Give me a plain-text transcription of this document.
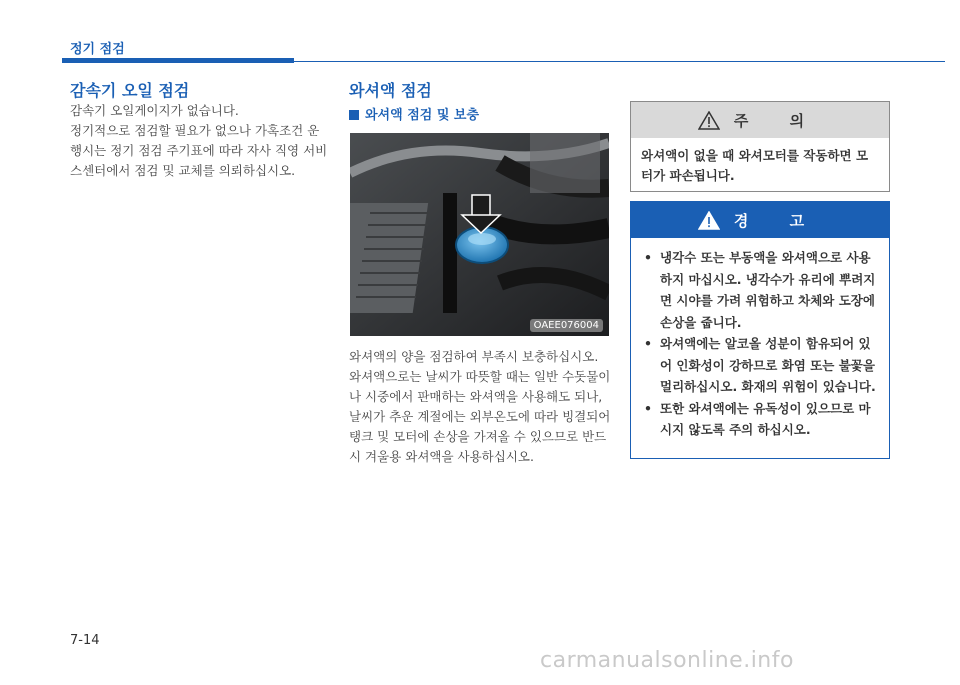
정기 점검
감속기 오일 점검

감속기 오일게이지가 없습니다.

정기적으로 점검할 필요가 없으나 가혹조건 운행시는 정기 점검 주기표에 따라 자사 직영 서비스센터에서 점검 및 교체를 의뢰하십시오.

와셔액 점검
와셔액 점검 및 보충
OAEE076004
와셔액의 양을 점검하여 부족시 보충하십시오. 와셔액으로는 날씨가 따뜻할 때는 일반 수돗물이나 시중에서 판매하는 와셔액을 사용해도 되나, 날씨가 추운 계절에는 외부온도에 따라 빙결되어 탱크 및 모터에 손상을 가져올 수 있으므로 반드시 겨울용 와셔액을 사용하십시오.
주 의
와셔액이 없을 때 와셔모터를 작동하면 모터가 파손됩니다.
경 고
• 냉각수 또는 부동액을 와셔액으로 사용하지 마십시오. 냉각수가 유리에 뿌려지면 시야를 가려 위험하고 차체와 도장에 손상을 줍니다.
• 와셔액에는 알코올 성분이 함유되어 있어 인화성이 강하므로 화염 또는 불꽃을 멀리하십시오. 화재의 위험이 있습니다.
• 또한 와셔액에는 유독성이 있으므로 마시지 않도록 주의 하십시오.
7-14
carmanualsonline.info
